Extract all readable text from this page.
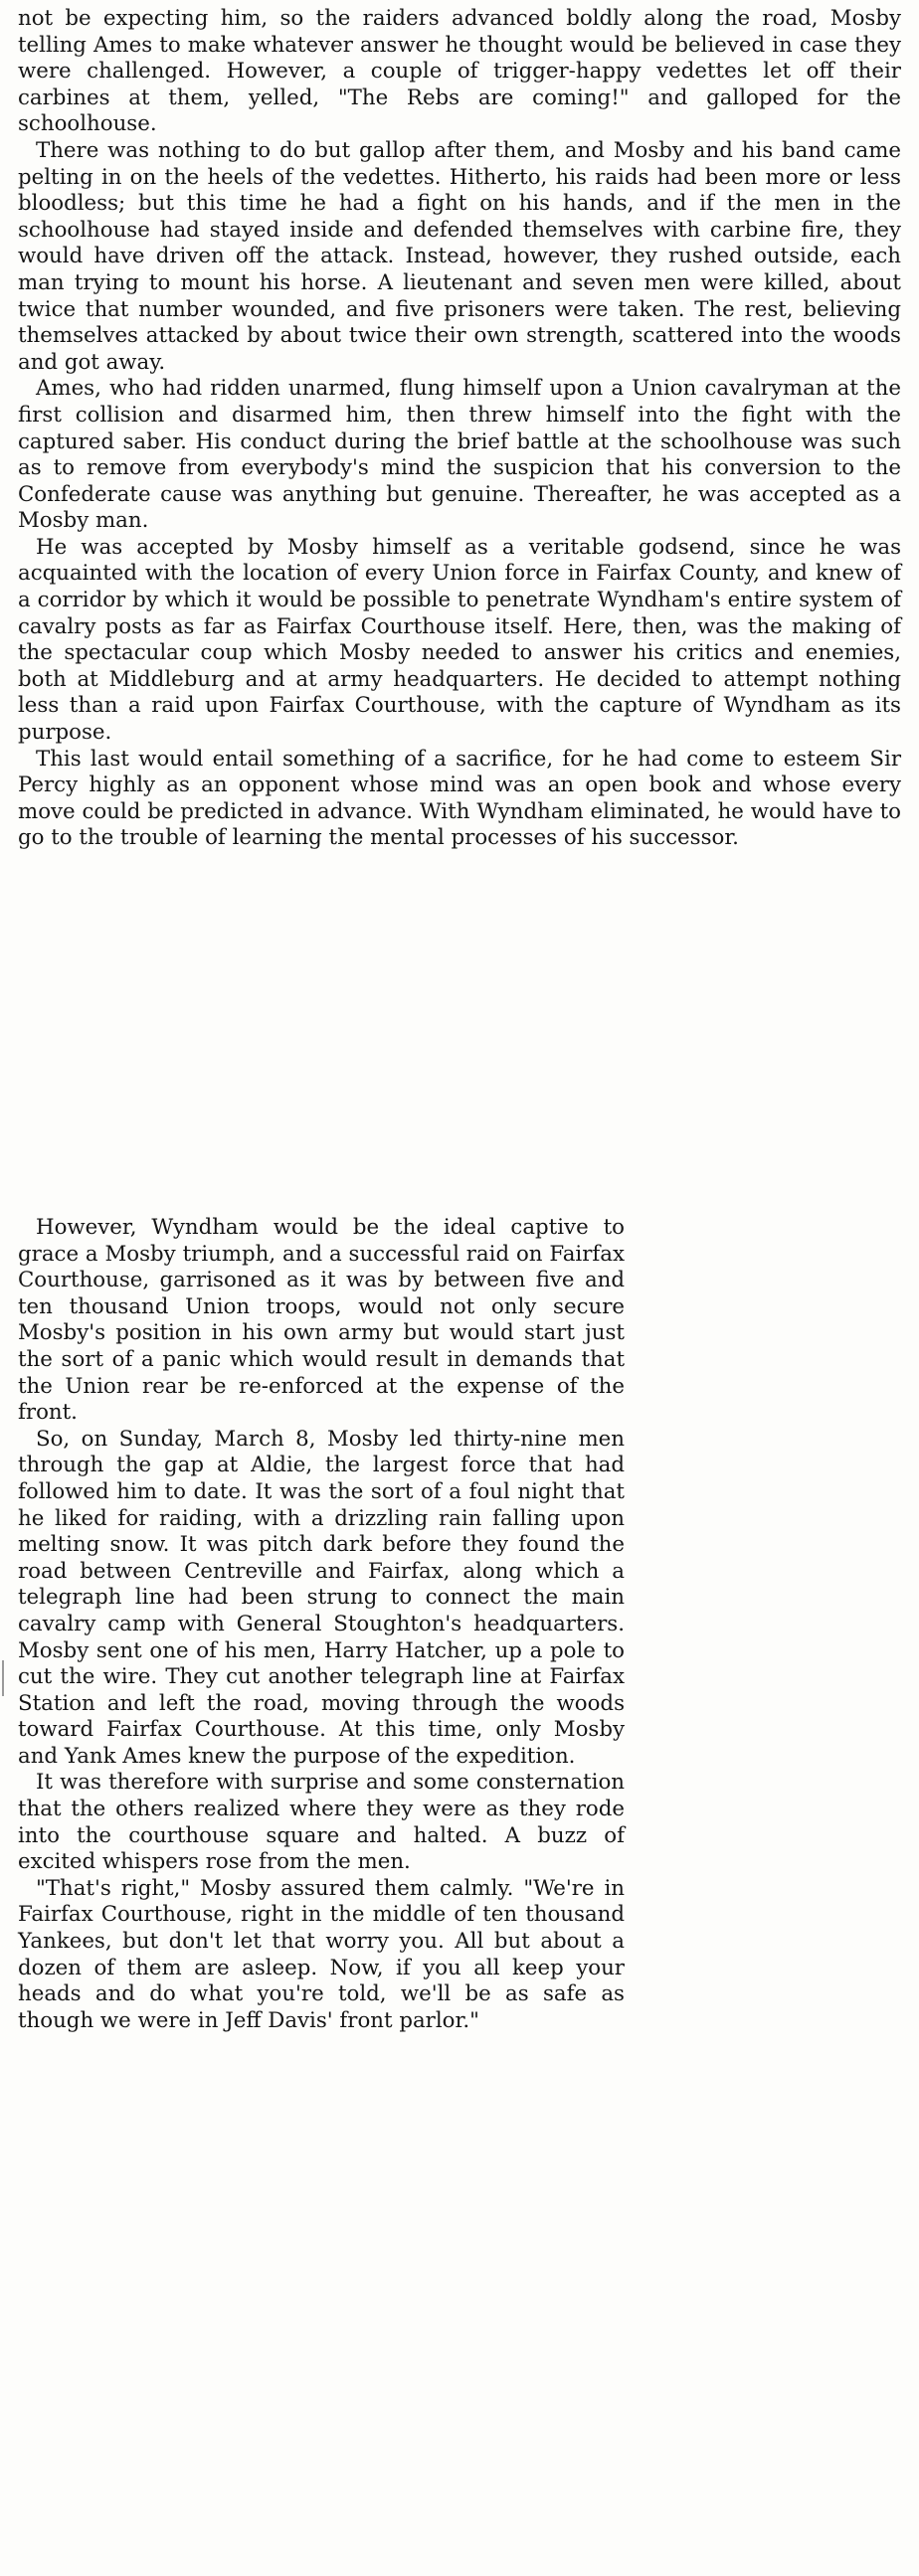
not be expecting him, so the raiders advanced boldly along the road, Mosby telling Ames to make whatever answer he thought would be believed in case they were challenged. However, a couple of trigger-happy vedettes let off their carbines at them, yelled, "The Rebs are coming!" and galloped for the schoolhouse.

There was nothing to do but gallop after them, and Mosby and his band came pelting in on the heels of the vedettes. Hitherto, his raids had been more or less bloodless; but this time he had a fight on his hands, and if the men in the schoolhouse had stayed inside and defended themselves with carbine fire, they would have driven off the attack. Instead, however, they rushed outside, each man trying to mount his horse. A lieutenant and seven men were killed, about twice that number wounded, and five prisoners were taken. The rest, believing themselves attacked by about twice their own strength, scattered into the woods and got away.

Ames, who had ridden unarmed, flung himself upon a Union cavalryman at the first collision and disarmed him, then threw himself into the fight with the captured saber. His conduct during the brief battle at the schoolhouse was such as to remove from everybody's mind the suspicion that his conversion to the Confederate cause was anything but genuine. Thereafter, he was accepted as a Mosby man.

He was accepted by Mosby himself as a veritable godsend, since he was acquainted with the location of every Union force in Fairfax County, and knew of a corridor by which it would be possible to penetrate Wyndham's entire system of cavalry posts as far as Fairfax Courthouse itself. Here, then, was the making of the spectacular coup which Mosby needed to answer his critics and enemies, both at Middleburg and at army headquarters. He decided to attempt nothing less than a raid upon Fairfax Courthouse, with the capture of Wyndham as its purpose.

This last would entail something of a sacrifice, for he had come to esteem Sir Percy highly as an opponent whose mind was an open book and whose every move could be predicted in advance. With Wyndham eliminated, he would have to go to the trouble of learning the mental processes of his successor.

However, Wyndham would be the ideal captive to grace a Mosby triumph, and a successful raid on Fairfax Courthouse, garrisoned as it was by between five and ten thousand Union troops, would not only secure Mosby's position in his own army but would start just the sort of a panic which would result in demands that the Union rear be re-enforced at the expense of the front.

So, on Sunday, March 8, Mosby led thirty-nine men through the gap at Aldie, the largest force that had followed him to date. It was the sort of a foul night that he liked for raiding, with a drizzling rain falling upon melting snow. It was pitch dark before they found the road between Centreville and Fairfax, along which a telegraph line had been strung to connect the main cavalry camp with General Stoughton's headquarters. Mosby sent one of his men, Harry Hatcher, up a pole to cut the wire. They cut another telegraph line at Fairfax Station and left the road, moving through the woods toward Fairfax Courthouse. At this time, only Mosby and Yank Ames knew the purpose of the expedition.

It was therefore with surprise and some consternation that the others realized where they were as they rode into the courthouse square and halted. A buzz of excited whispers rose from the men.

"That's right," Mosby assured them calmly. "We're in Fairfax Courthouse, right in the middle of ten thousand Yankees, but don't let that worry you. All but about a dozen of them are asleep. Now, if you all keep your heads and do what you're told, we'll be as safe as though we were in Jeff Davis' front parlor."
